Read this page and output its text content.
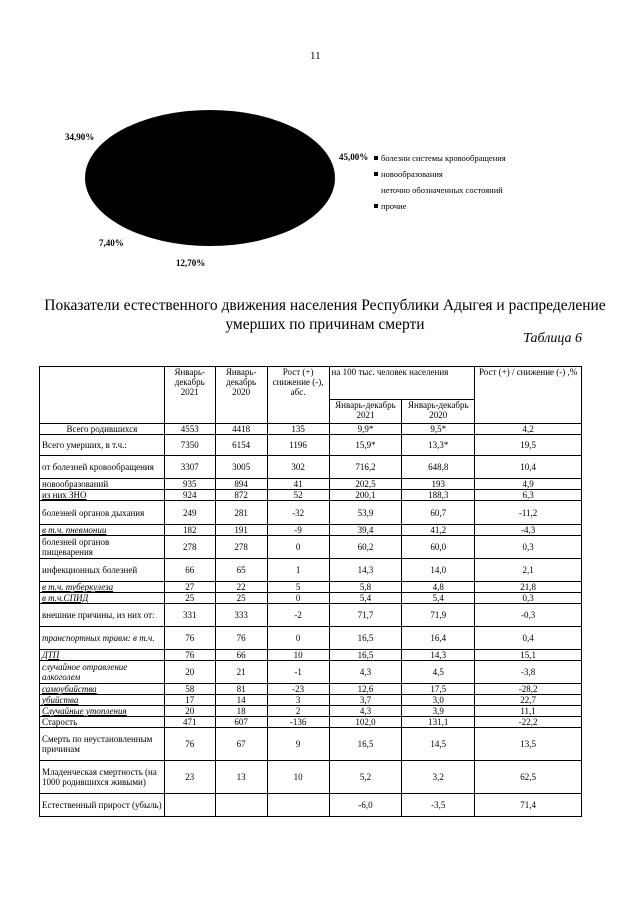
11
34,90%
45,00%
7,40%
12,70%
болезни системы кровообращения
новообразования
неточно обозначенных состояний
прочие
Показатели естественного движения населения Республики Адыгея и распределение умерших по причинам смерти
Таблица 6
	Январь-декабрь 2021	Январь-декабрь 2020	Рост (+) снижение (-), абс.	на 100 тыс. человек населения		Рост (+) / снижение (-) ,%
				Январь-декабрь 2021	Январь-декабрь 2020	
Всего родившихся	4553	4418	135	9,9*	9,5*	4,2
Всего умерших, в т.ч.:	7350	6154	1196	15,9*	13,3*	19,5
от болезней кровообращения	3307	3005	302	716,2	648,8	10,4
новообразований	935	894	41	202,5	193	4,9
из них ЗНО	924	872	52	200,1	188,3	6,3
болезней органов дыхания	249	281	-32	53,9	60,7	-11,2
в т.ч. пневмонии	182	191	-9	39,4	41,2	-4,3
болезней органов пищеварения	278	278	0	60,2	60,0	0,3
инфекционных болезней	66	65	1	14,3	14,0	2,1
в т.ч. туберкулеза	27	22	5	5,8	4,8	21,8
в т.ч.СПИД	25	25	0	5,4	5,4	0,3
внешние причины, из них от:	331	333	-2	71,7	71,9	-0,3
транспортных травм: в т.ч.	76	76	0	16,5	16,4	0,4
ДТП	76	66	10	16,5	14,3	15,1
случайное отравление алкоголем	20	21	-1	4,3	4,5	-3,8
самоубийства	58	81	-23	12,6	17,5	-28,2
убийства	17	14	3	3,7	3,0	22,7
Случайные утопления	20	18	2	4,3	3,9	11,1
Старость	471	607	-136	102,0	131,1	-22,2
Смерть по неустановленным причинам	76	67	9	16,5	14,5	13,5
Младенческая смертность (на 1000 родившихся живыми)	23	13	10	5,2	3,2	62,5
Естественный прирост (убыль)				-6,0	-3,5	71,4
